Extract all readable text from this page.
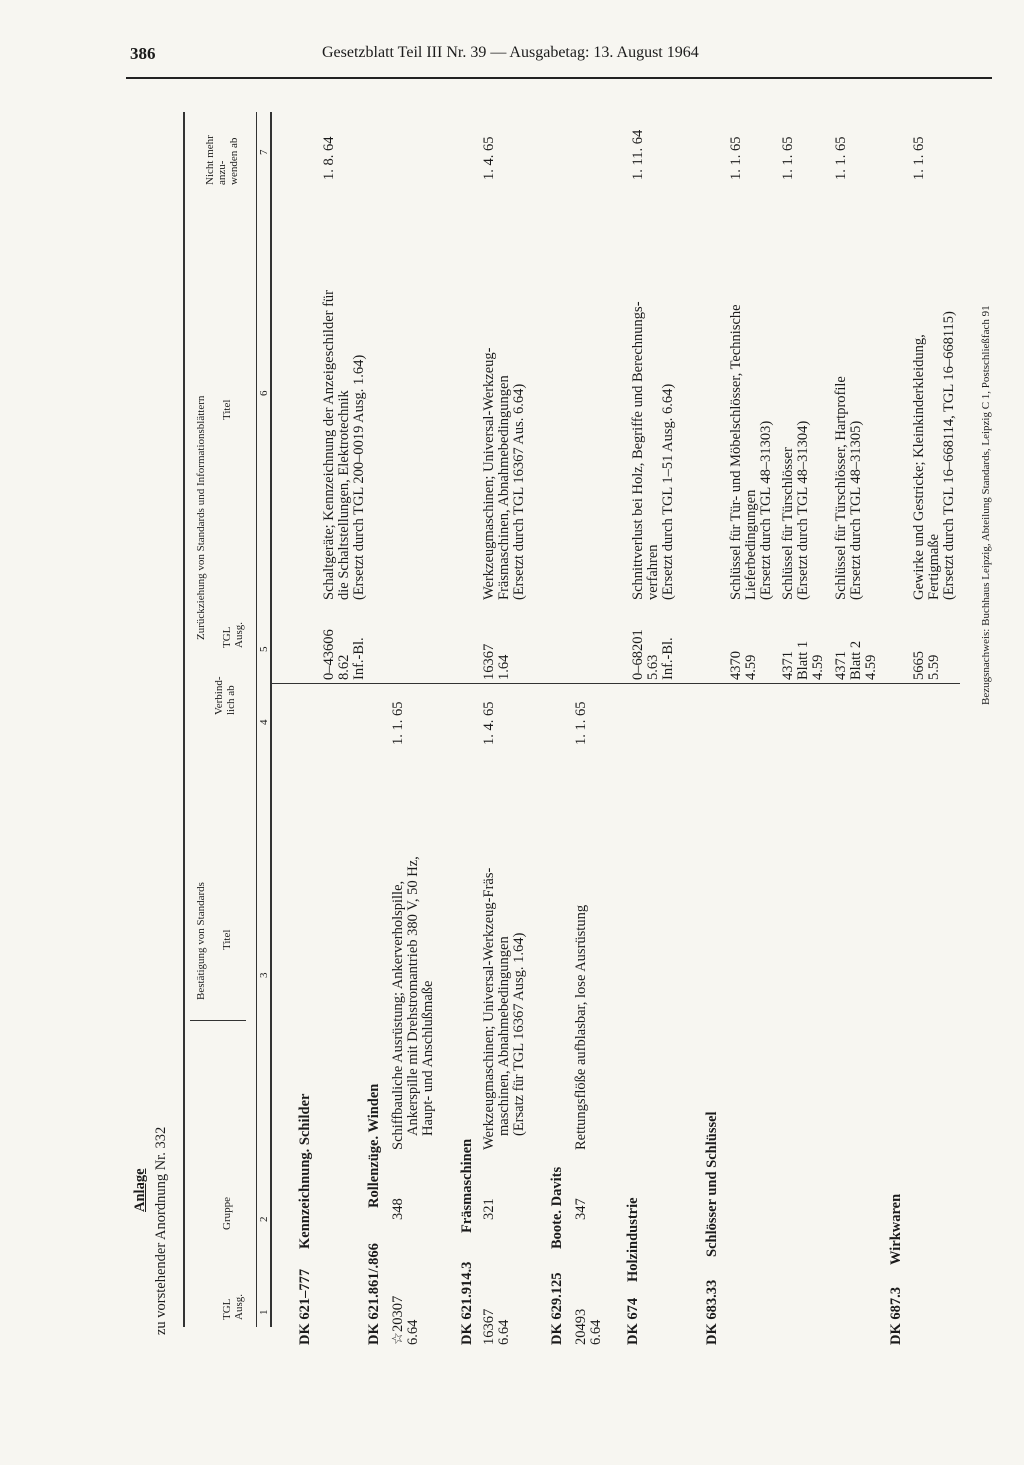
386	Gesetzblatt Teil III Nr. 39 — Ausgabetag: 13. August 1964
Anlage zu vorstehender Anordnung Nr. 332
Bestätigung von Standards
Zurückziehung von Standards und Informationsblättern
TGL Ausg. 1
Gruppe 2
Titel
3
Verbind- lich ab
4
TGL Ausg.
5
Titel
6
Nicht mehr anzu- wenden ab 7
DK 621–777
Kennzeichnung. Schilder
0–43606 8.62 Inf.-Bl.
Schaltgeräte; Kennzeichnung der Anzeigeschilder für die Schaltstellungen, Elektrotechnik (Ersetzt durch TGL 200–0019 Ausg. 1.64)
1. 8. 64
DK 621.861/.866
Rollenzüge. Winden
☆20307 6.64
348
Schiffbauliche Ausrüstung; Ankerverholspille, Ankerspille mit Drehstromantrieb 380 V, 50 Hz, Haupt- und Anschlußmaße
1. 1. 65
DK 621.914.3
Fräsmaschinen
16367 6.64
321
Werkzeugmaschinen; Universal-Werkzeug-Fräs- maschinen, Abnahmebedingungen (Ersatz für TGL 16367 Ausg. 1.64)
1. 4. 65
16367 1.64
Werkzeugmaschinen; Universal-Werkzeug- Fräsmaschinen, Abnahmebedingungen (Ersetzt durch TGL 16367 Aus. 6.64)
1. 4. 65
DK 629.125
Boote. Davits
20493 6.64
347
Rettungsflöße aufblasbar, lose Ausrüstung
1. 1. 65
DK 674
Holzindustrie
0–68201 5.63 Inf.-Bl.
Schnittverlust bei Holz, Begriffe und Berechnungs- verfahren (Ersetzt durch TGL 1–51 Ausg. 6.64)
1. 11. 64
DK 683.33
Schlösser und Schlüssel
4370 4.59
Schlüssel für Tür- und Möbelschlösser, Technische Lieferbedingungen (Ersetzt durch TGL 48–31303)
1. 1. 65
4371 Blatt 1 4.59
Schlüssel für Türschlösser (Ersetzt durch TGL 48–31304)
1. 1. 65
4371 Blatt 2 4.59
Schlüssel für Türschlösser, Hartprofile (Ersetzt durch TGL 48–31305)
1. 1. 65
DK 687.3
Wirkwaren
5665 5.59
Gewirke und Gestricke; Kleinkinderkleidung, Fertigmaße (Ersetzt durch TGL 16–668114, TGL 16–668115)
1. 1. 65
Bezugsnachweis: Buchhaus Leipzig, Abteilung Standards, Leipzig C 1, Postschließfach 91
